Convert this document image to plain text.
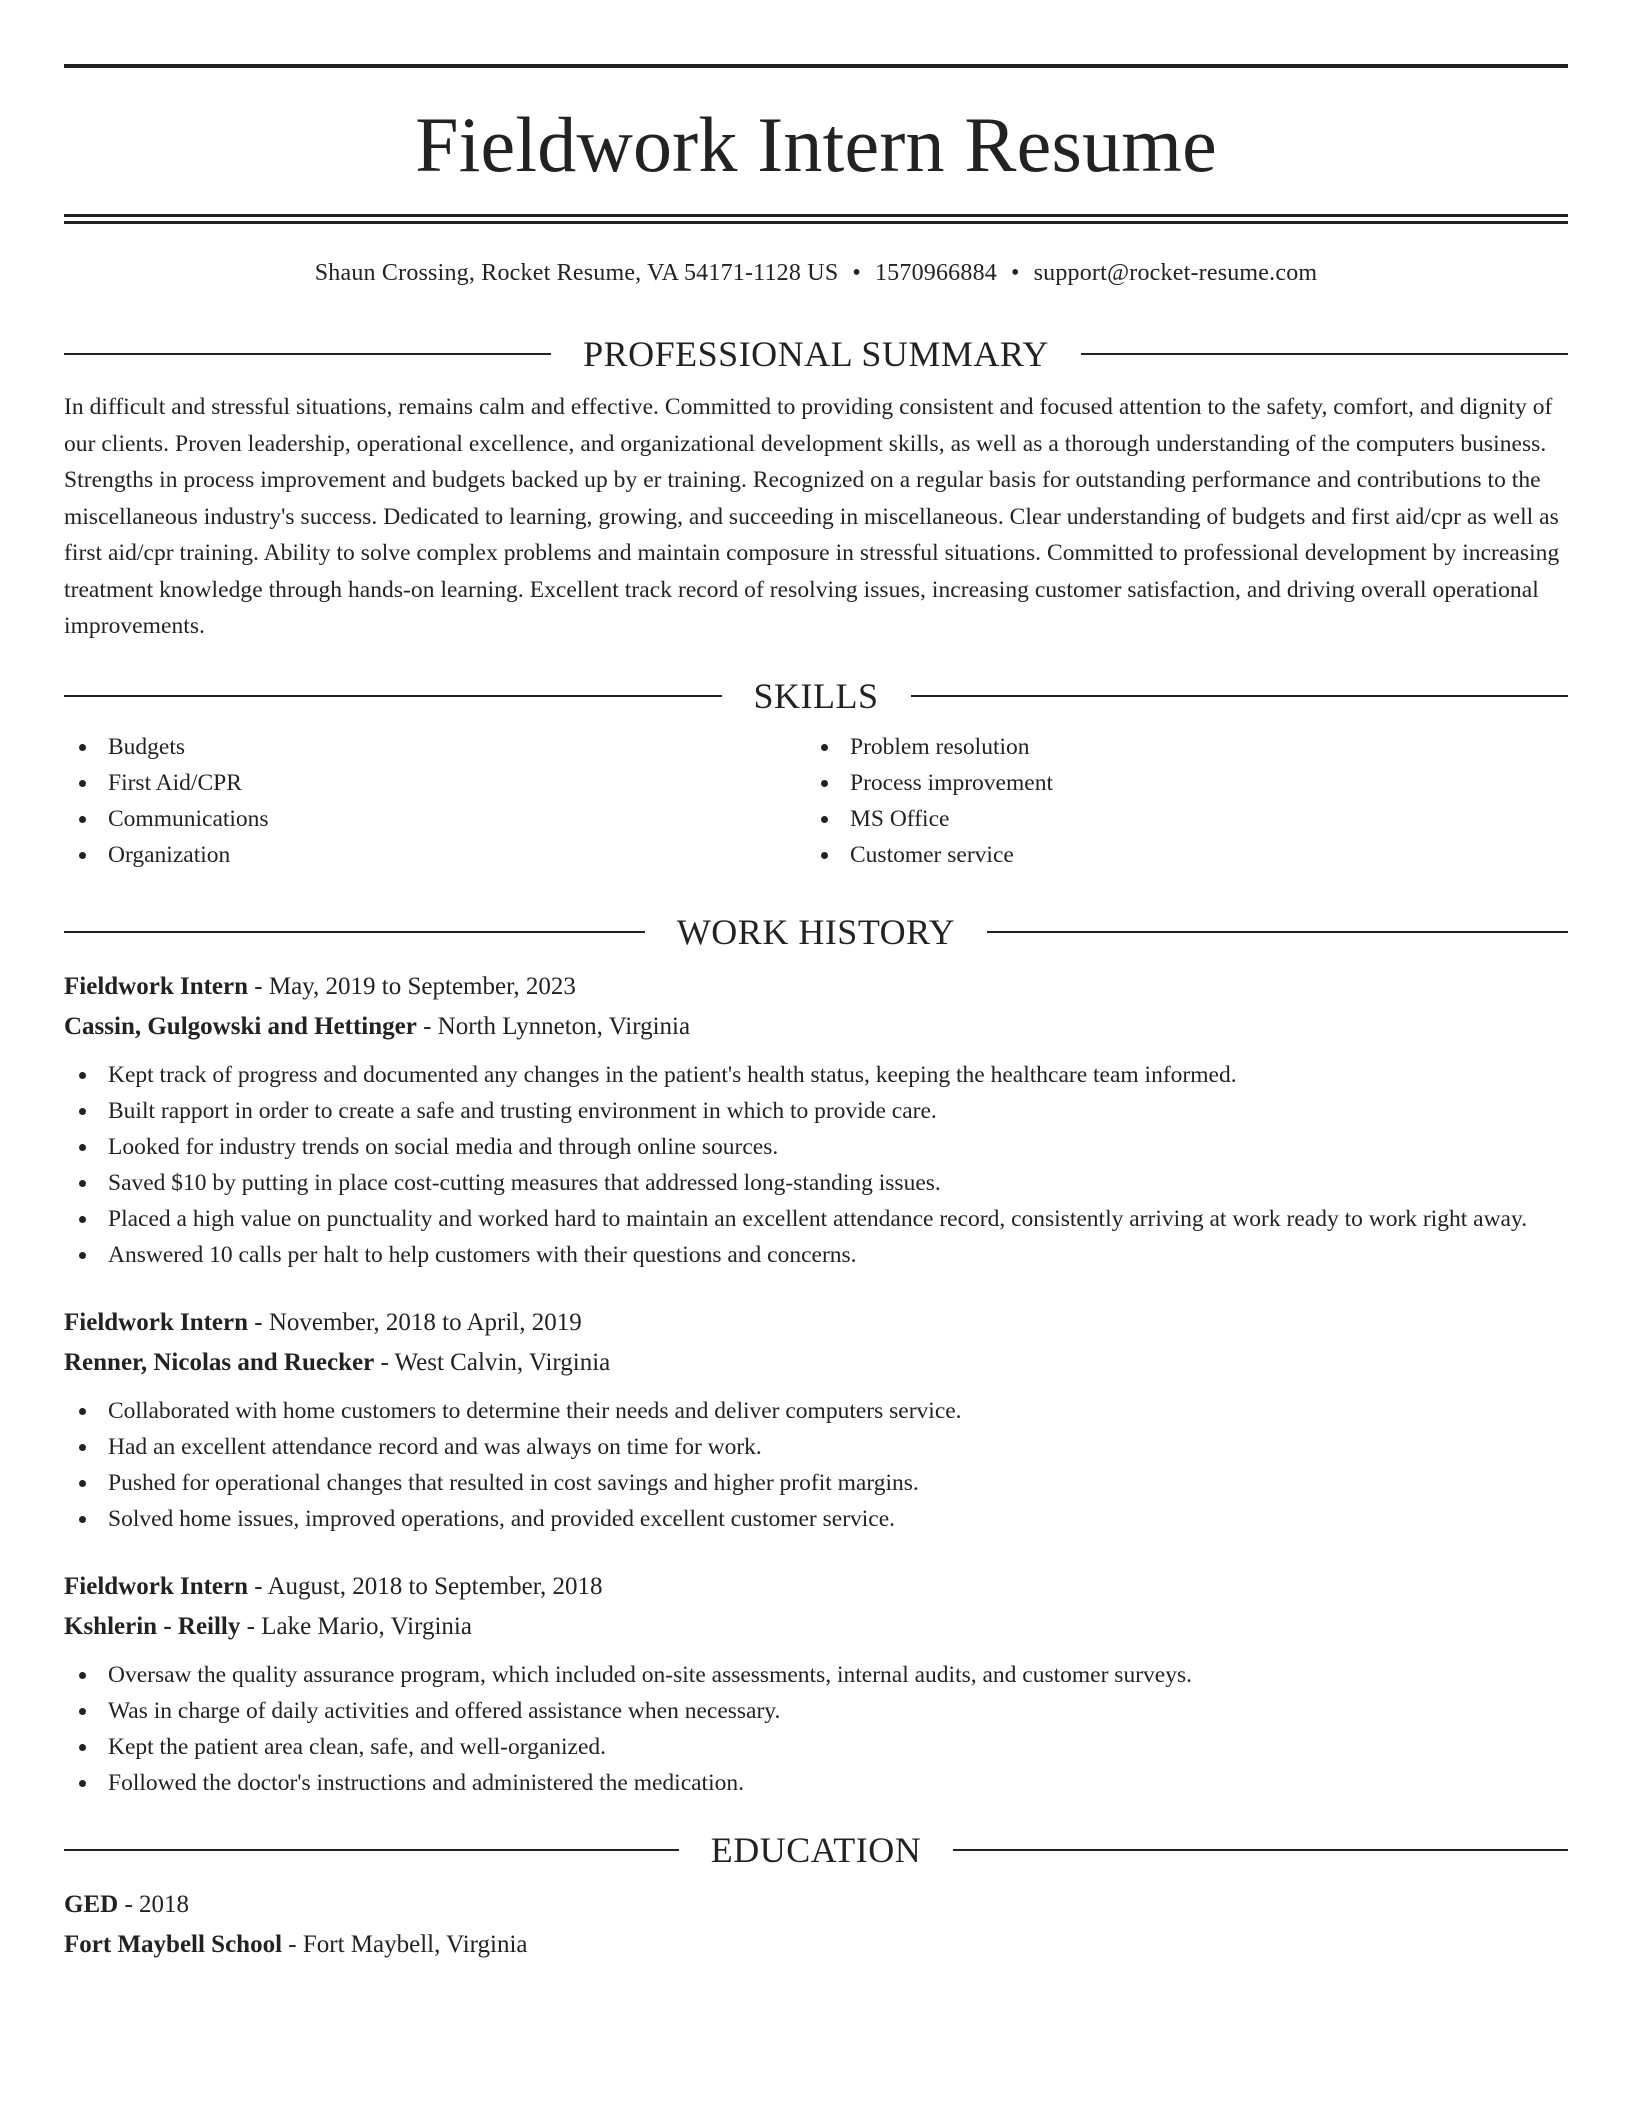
Fieldwork Intern Resume
Shaun Crossing, Rocket Resume, VA 54171-1128 US • 1570966884 • support@rocket-resume.com
PROFESSIONAL SUMMARY

In difficult and stressful situations, remains calm and effective. Committed to providing consistent and focused attention to the safety, comfort, and dignity of our clients. Proven leadership, operational excellence, and organizational development skills, as well as a thorough understanding of the computers business. Strengths in process improvement and budgets backed up by er training. Recognized on a regular basis for outstanding performance and contributions to the miscellaneous industry's success. Dedicated to learning, growing, and succeeding in miscellaneous. Clear understanding of budgets and first aid/cpr as well as first aid/cpr training. Ability to solve complex problems and maintain composure in stressful situations. Committed to professional development by increasing treatment knowledge through hands-on learning. Excellent track record of resolving issues, increasing customer satisfaction, and driving overall operational improvements.

SKILLS
Budgets
First Aid/CPR
Communications
Organization
Problem resolution
Process improvement
MS Office
Customer service
WORK HISTORY
Fieldwork Intern - May, 2019 to September, 2023
Cassin, Gulgowski and Hettinger - North Lynneton, Virginia
Kept track of progress and documented any changes in the patient's health status, keeping the healthcare team informed.
Built rapport in order to create a safe and trusting environment in which to provide care.
Looked for industry trends on social media and through online sources.
Saved $10 by putting in place cost-cutting measures that addressed long-standing issues.
Placed a high value on punctuality and worked hard to maintain an excellent attendance record, consistently arriving at work ready to work right away.
Answered 10 calls per halt to help customers with their questions and concerns.
Fieldwork Intern - November, 2018 to April, 2019
Renner, Nicolas and Ruecker - West Calvin, Virginia
Collaborated with home customers to determine their needs and deliver computers service.
Had an excellent attendance record and was always on time for work.
Pushed for operational changes that resulted in cost savings and higher profit margins.
Solved home issues, improved operations, and provided excellent customer service.
Fieldwork Intern - August, 2018 to September, 2018
Kshlerin - Reilly - Lake Mario, Virginia
Oversaw the quality assurance program, which included on-site assessments, internal audits, and customer surveys.
Was in charge of daily activities and offered assistance when necessary.
Kept the patient area clean, safe, and well-organized.
Followed the doctor's instructions and administered the medication.
EDUCATION
GED - 2018
Fort Maybell School - Fort Maybell, Virginia
